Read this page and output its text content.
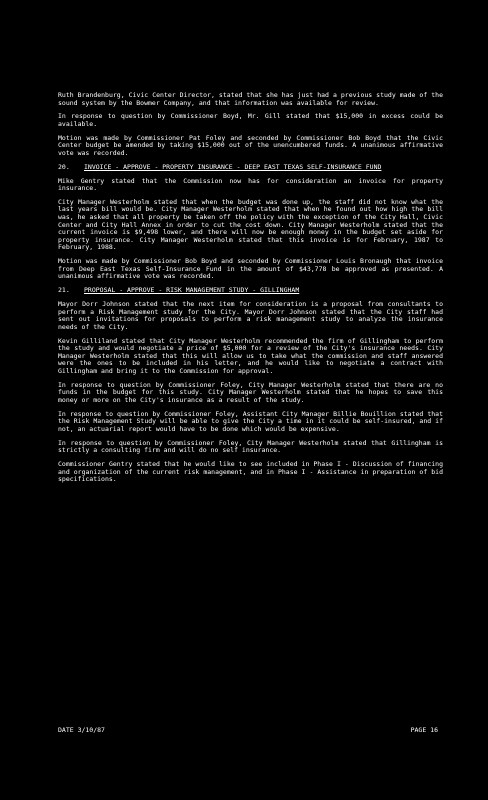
Ruth Brandenburg, Civic Center Director, stated that she has just had a previous study made of the sound system by the Bowmer Company, and that information was available for review.

In response to question by Commissioner Boyd, Mr. Gill stated that $15,000 in excess could be available.

Motion was made by Commissioner Pat Foley and seconded by Commissioner Bob Boyd that the Civic Center budget be amended by taking $15,000 out of the unencumbered funds. A unanimous affirmative vote was recorded.

20.	INVOICE - APPROVE - PROPERTY INSURANCE - DEEP EAST TEXAS SELF-INSURANCE FUND

Mike Gentry stated that the Commission now has for consideration an invoice for property insurance.

City Manager Westerholm stated that when the budget was done up, the staff did not know what the last years bill would be. City Manager Westerholm stated that when he found out how high the bill was, he asked that all property be taken off the policy with the exception of the City Hall, Civic Center and City Hall Annex in order to cut the cost down. City Manager Westerholm stated that the current invoice is $9,498 lower, and there will now be enough money in the budget set aside for property insurance. City Manager Westerholm stated that this invoice is for February, 1987 to February, 1988.

Motion was made by Commissioner Bob Boyd and seconded by Commissioner Louis Bronaugh that invoice from Deep East Texas Self-Insurance Fund in the amount of $43,778 be approved as presented. A unanimous affirmative vote was recorded.

21.	PROPOSAL - APPROVE - RISK MANAGEMENT STUDY - GILLINGHAM

Mayor Dorr Johnson stated that the next item for consideration is a proposal from consultants to perform a Risk Management study for the City. Mayor Dorr Johnson stated that the City staff had sent out invitations for proposals to perform a risk management study to analyze the insurance needs of the City.

Kevin Gilliland stated that City Manager Westerholm recommended the firm of Gillingham to perform the study and would negotiate a price of $5,000 for a review of the City's insurance needs. City Manager Westerholm stated that this will allow us to take what the commission and staff answered were the ones to be included in his letter, and he would like to negotiate a contract with Gillingham and bring it to the Commission for approval.

In response to question by Commissioner Foley, City Manager Westerholm stated that there are no funds in the budget for this study. City Manager Westerholm stated that he hopes to save this money or more on the City's insurance as a result of the study.

In response to question by Commissioner Foley, Assistant City Manager Billie Bouillion stated that the Risk Management Study will be able to give the City a time in it could be self-insured, and if not, an actuarial report would have to be done which would be expensive.

In response to question by Commissioner Foley, City Manager Westerholm stated that Gillingham is strictly a consulting firm and will do no self insurance.

Commissioner Gentry stated that he would like to see included in Phase I - Discussion of financing and organization of the current risk management, and in Phase I - Assistance in preparation of bid specifications.

DATE 3/10/87	PAGE 16
